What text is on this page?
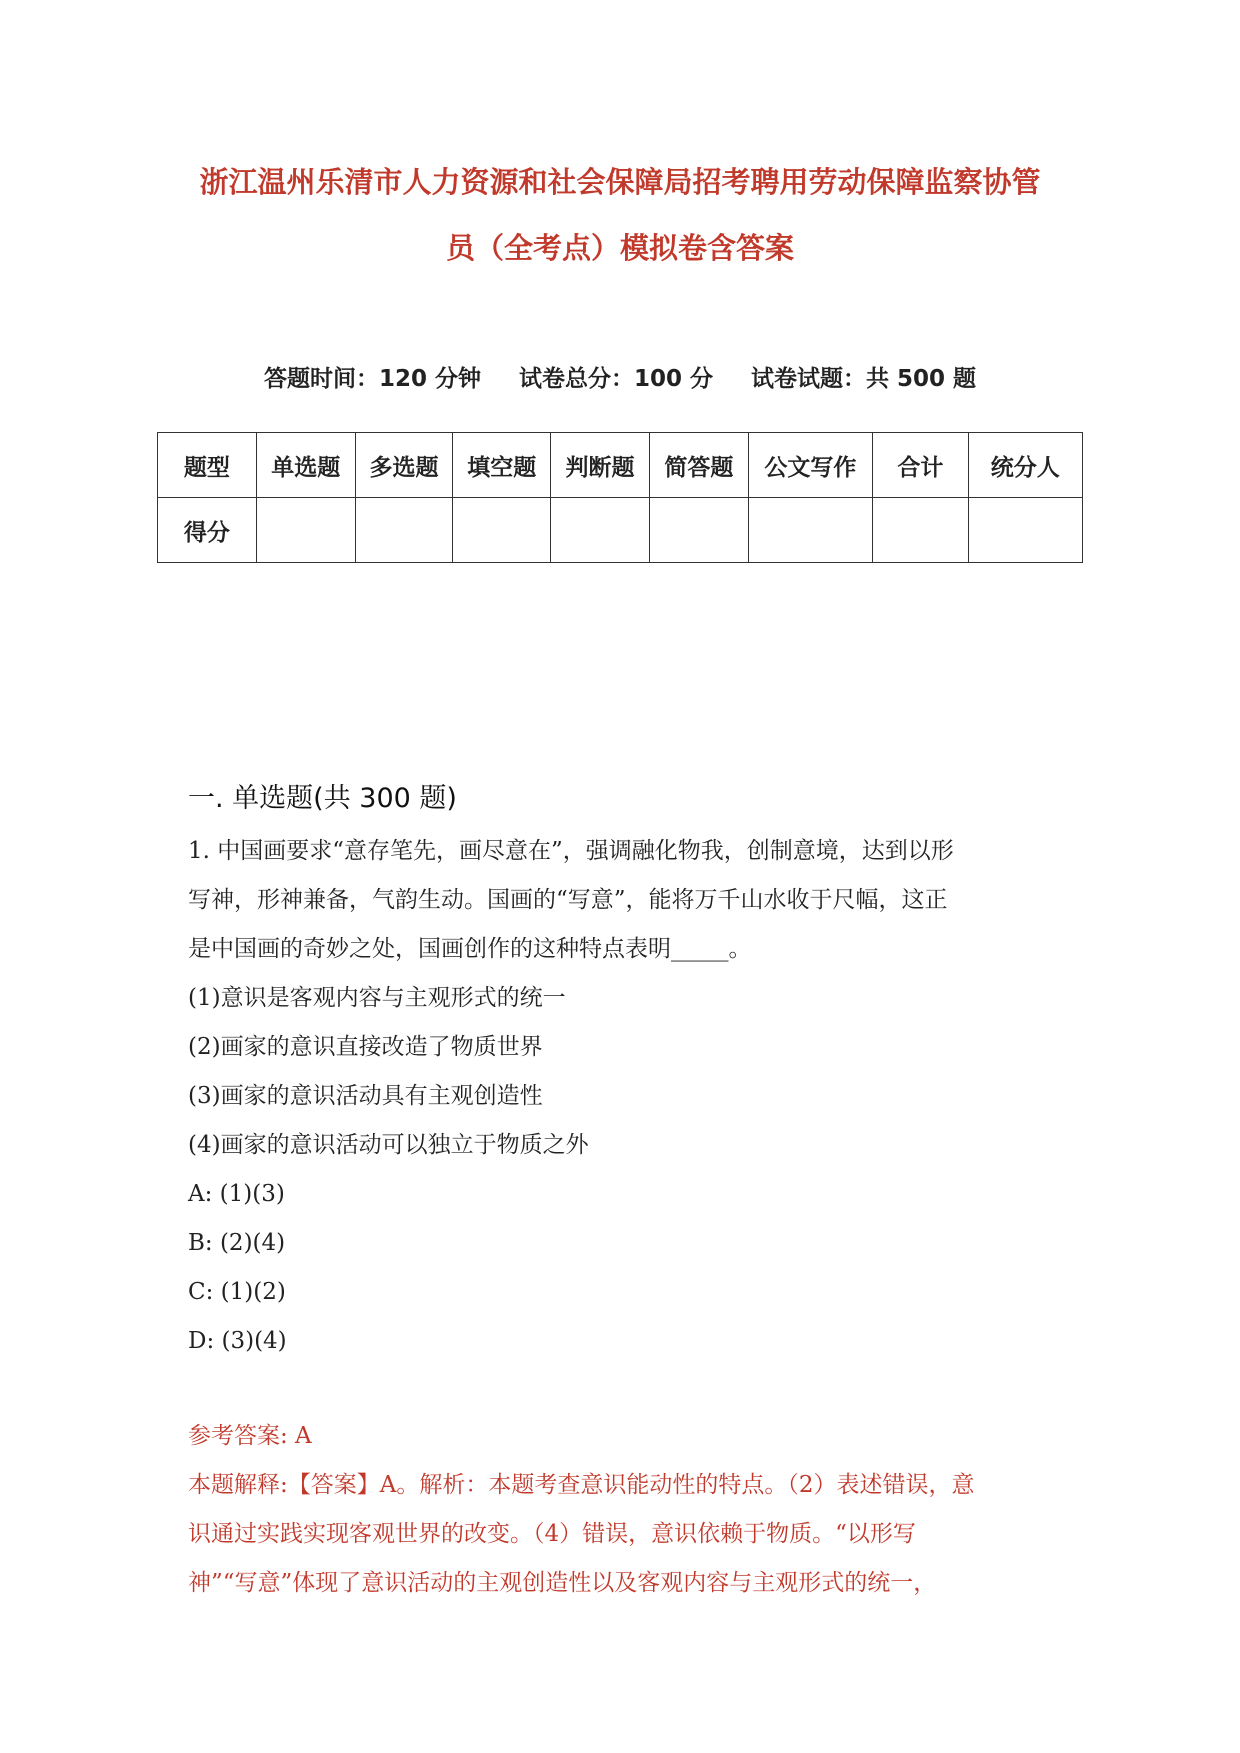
浙江温州乐清市人力资源和社会保障局招考聘用劳动保障监察协管
员（全考点）模拟卷含答案

答题时间：120 分钟 试卷总分：100 分 试卷试题：共 500 题

题型	单选题	多选题	填空题	判断题	简答题	公文写作	合计	统分人
得分								
一. 单选题(共 300 题)

1. 中国画要求“意存笔先，画尽意在”，强调融化物我，创制意境，达到以形

写神，形神兼备，气韵生动。国画的“写意”，能将万千山水收于尺幅，这正

是中国画的奇妙之处，国画创作的这种特点表明_____。

(1)意识是客观内容与主观形式的统一

(2)画家的意识直接改造了物质世界

(3)画家的意识活动具有主观创造性

(4)画家的意识活动可以独立于物质之外

A: (1)(3)

B: (2)(4)

C: (1)(2)

D: (3)(4)

参考答案: A

本题解释:【答案】A。解析：本题考查意识能动性的特点。（2）表述错误，意

识通过实践实现客观世界的改变。（4）错误，意识依赖于物质。“以形写

神”“写意”体现了意识活动的主观创造性以及客观内容与主观形式的统一，
